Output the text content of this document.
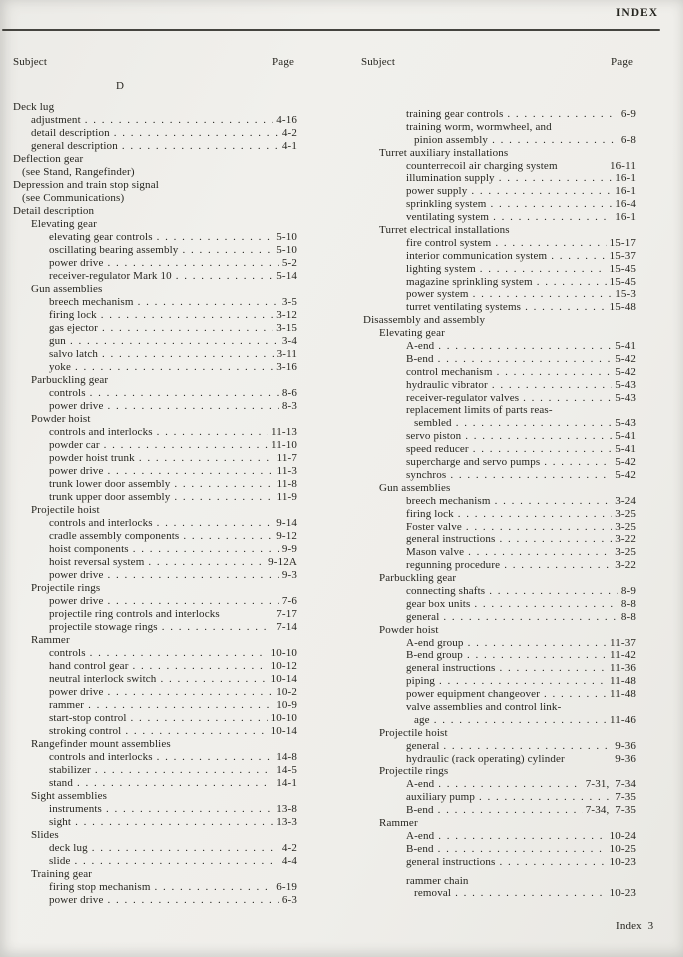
INDEX
Subject	Page
D
Deck lug
adjustment . . .	4-16
detail description . . .	4-2
general description . . .	4-1
Deflection gear
(see Stand, Rangefinder)
Depression and train stop signal
(see Communications)
Detail description
Elevating gear
elevating gear controls . . .	5-10
oscillating bearing assembly . . .	5-10
power drive . . .	5-2
receiver-regulator Mark 10 . . .	5-14
Gun assemblies
breech mechanism . . .	3-5
firing lock . . .	3-12
gas ejector . . .	3-15
gun . . .	3-4
salvo latch . . .	3-11
yoke . . .	3-16
Parbuckling gear
controls . . .	8-6
power drive . . .	8-3
Powder hoist
controls and interlocks . . .	11-13
powder car . . .	11-10
powder hoist trunk . . .	11-7
power drive . . .	11-3
trunk lower door assembly . . .	11-8
trunk upper door assembly . . .	11-9
Projectile hoist
controls and interlocks . . .	9-14
cradle assembly components . . .	9-12
hoist components . . .	9-9
hoist reversal system . . .	9-12A
power drive . . .	9-3
Projectile rings
power drive . . .	7-6
projectile ring controls and interlocks	7-17
projectile stowage rings . . .	7-14
Rammer
controls . . .	10-10
hand control gear . . .	10-12
neutral interlock switch . . .	10-14
power drive . . .	10-2
rammer . . .	10-9
start-stop control . . .	10-10
stroking control . . .	10-14
Rangefinder mount assemblies
controls and interlocks . . .	14-8
stabilizer . . .	14-5
stand . . .	14-1
Sight assemblies
instruments . . .	13-8
sight . . .	13-3
Slides
deck lug . . .	4-2
slide . . .	4-4
Training gear
firing stop mechanism . . .	6-19
power drive . . .	6-3
Subject	Page
training gear controls . . .	6-9
training worm, wormwheel, and
pinion assembly . . .	6-8
Turret auxiliary installations
counterrecoil air charging system	16-11
illumination supply . . .	16-1
power supply . . .	16-1
sprinkling system . . .	16-4
ventilating system . . .	16-1
Turret electrical installations
fire control system . . .	15-17
interior communication system . . .	15-37
lighting system . . .	15-45
magazine sprinkling system . . .	15-45
power system . . .	15-3
turret ventilating systems . . .	15-48
Disassembly and assembly
Elevating gear
A-end . . .	5-41
B-end . . .	5-42
control mechanism . . .	5-42
hydraulic vibrator . . .	5-43
receiver-regulator valves . . .	5-43
replacement limits of parts reas-
sembled . . .	5-43
servo piston . . .	5-41
speed reducer . . .	5-41
supercharge and servo pumps . . .	5-42
synchros . . .	5-42
Gun assemblies
breech mechanism . . .	3-24
firing lock . . .	3-25
Foster valve . . .	3-25
general instructions . . .	3-22
Mason valve . . .	3-25
regunning procedure . . .	3-22
Parbuckling gear
connecting shafts . . .	8-9
gear box units . . .	8-8
general . . .	8-8
Powder hoist
A-end group . . .	11-37
B-end group . . .	11-42
general instructions . . .	11-36
piping . . .	11-48
power equipment changeover . . .	11-48
valve assemblies and control link-
age . . .	11-46
Projectile hoist
general . . .	9-36
hydraulic (rack operating) cylinder	9-36
Projectile rings
A-end . . .	7-31,  7-34
auxiliary pump . . .	7-35
B-end . . .	7-34,  7-35
Rammer
A-end . . .	10-24
B-end . . .	10-25
general instructions . . .	10-23
rammer chain
removal . . .	10-23
Index  3
